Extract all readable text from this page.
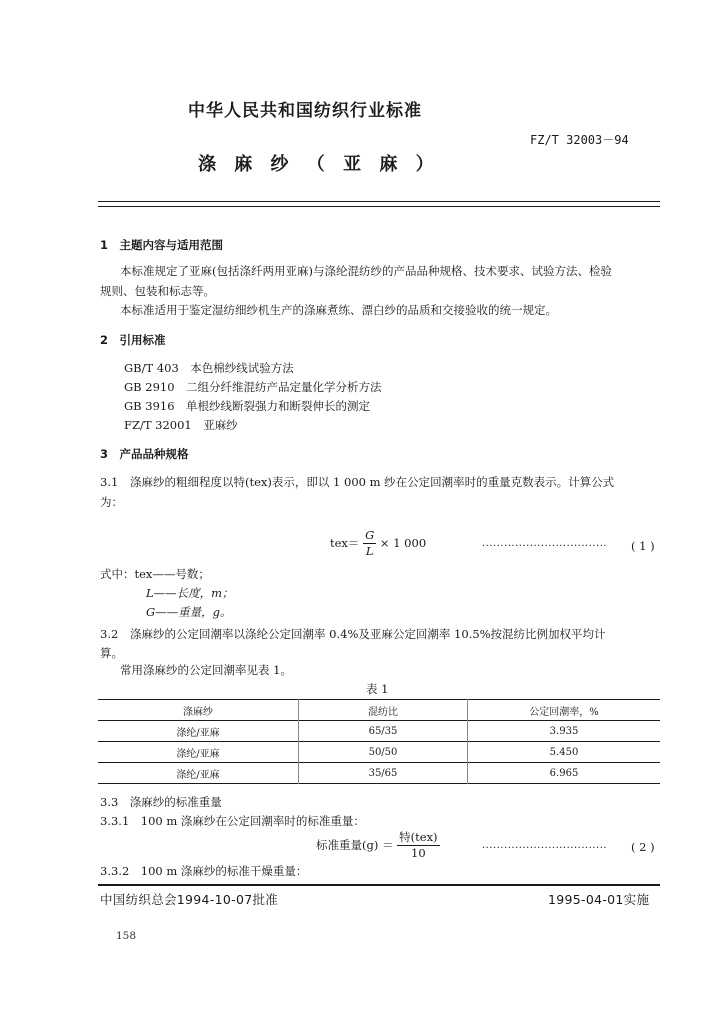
中华人民共和国纺织行业标准
FZ/T 32003－94
涤 麻 纱 （ 亚 麻 ）
1　主题内容与适用范围
本标准规定了亚麻(包括涤纤两用亚麻)与涤纶混纺纱的产品品种规格、技术要求、试验方法、检验
规则、包装和标志等。
本标准适用于鉴定湿纺细纱机生产的涤麻煮练、漂白纱的品质和交接验收的统一规定。
2　引用标准
GB/T 403　本色棉纱线试验方法
GB 2910　二组分纤维混纺产品定量化学分析方法
GB 3916　单根纱线断裂强力和断裂伸长的测定
FZ/T 32001　亚麻纱
3　产品品种规格
3.1 涤麻纱的粗细程度以特(tex)表示，即以 1 000 m 纱在公定回潮率时的重量克数表示。计算公式
为：
$tex= \frac{G}{L} \times 1$ 000	·································· ( 1 )
式中：tex——号数；
L——长度，m；
G——重量，g。
3.2 涤麻纱的公定回潮率以涤纶公定回潮率 0.4%及亚麻公定回潮率 10.5%按混纺比例加权平均计
算。
常用涤麻纱的公定回潮率见表 1。
表 1
涤麻纱	混纺比	公定回潮率，%
涤纶/亚麻	65/35	3.935
涤纶/亚麻	50/50	5.450
涤纶/亚麻	35/65	6.965
3.3　涤麻纱的标准重量
3.3.1　100 m 涤麻纱在公定回潮率时的标准重量：
标准重量$(g) = \frac{\text{特(tex)}}{10}$	·································· ( 2 )
3.3.2　100 m 涤麻纱的标准干燥重量：
中国纺织总会1994-10-07批准	1995-04-01实施
158
